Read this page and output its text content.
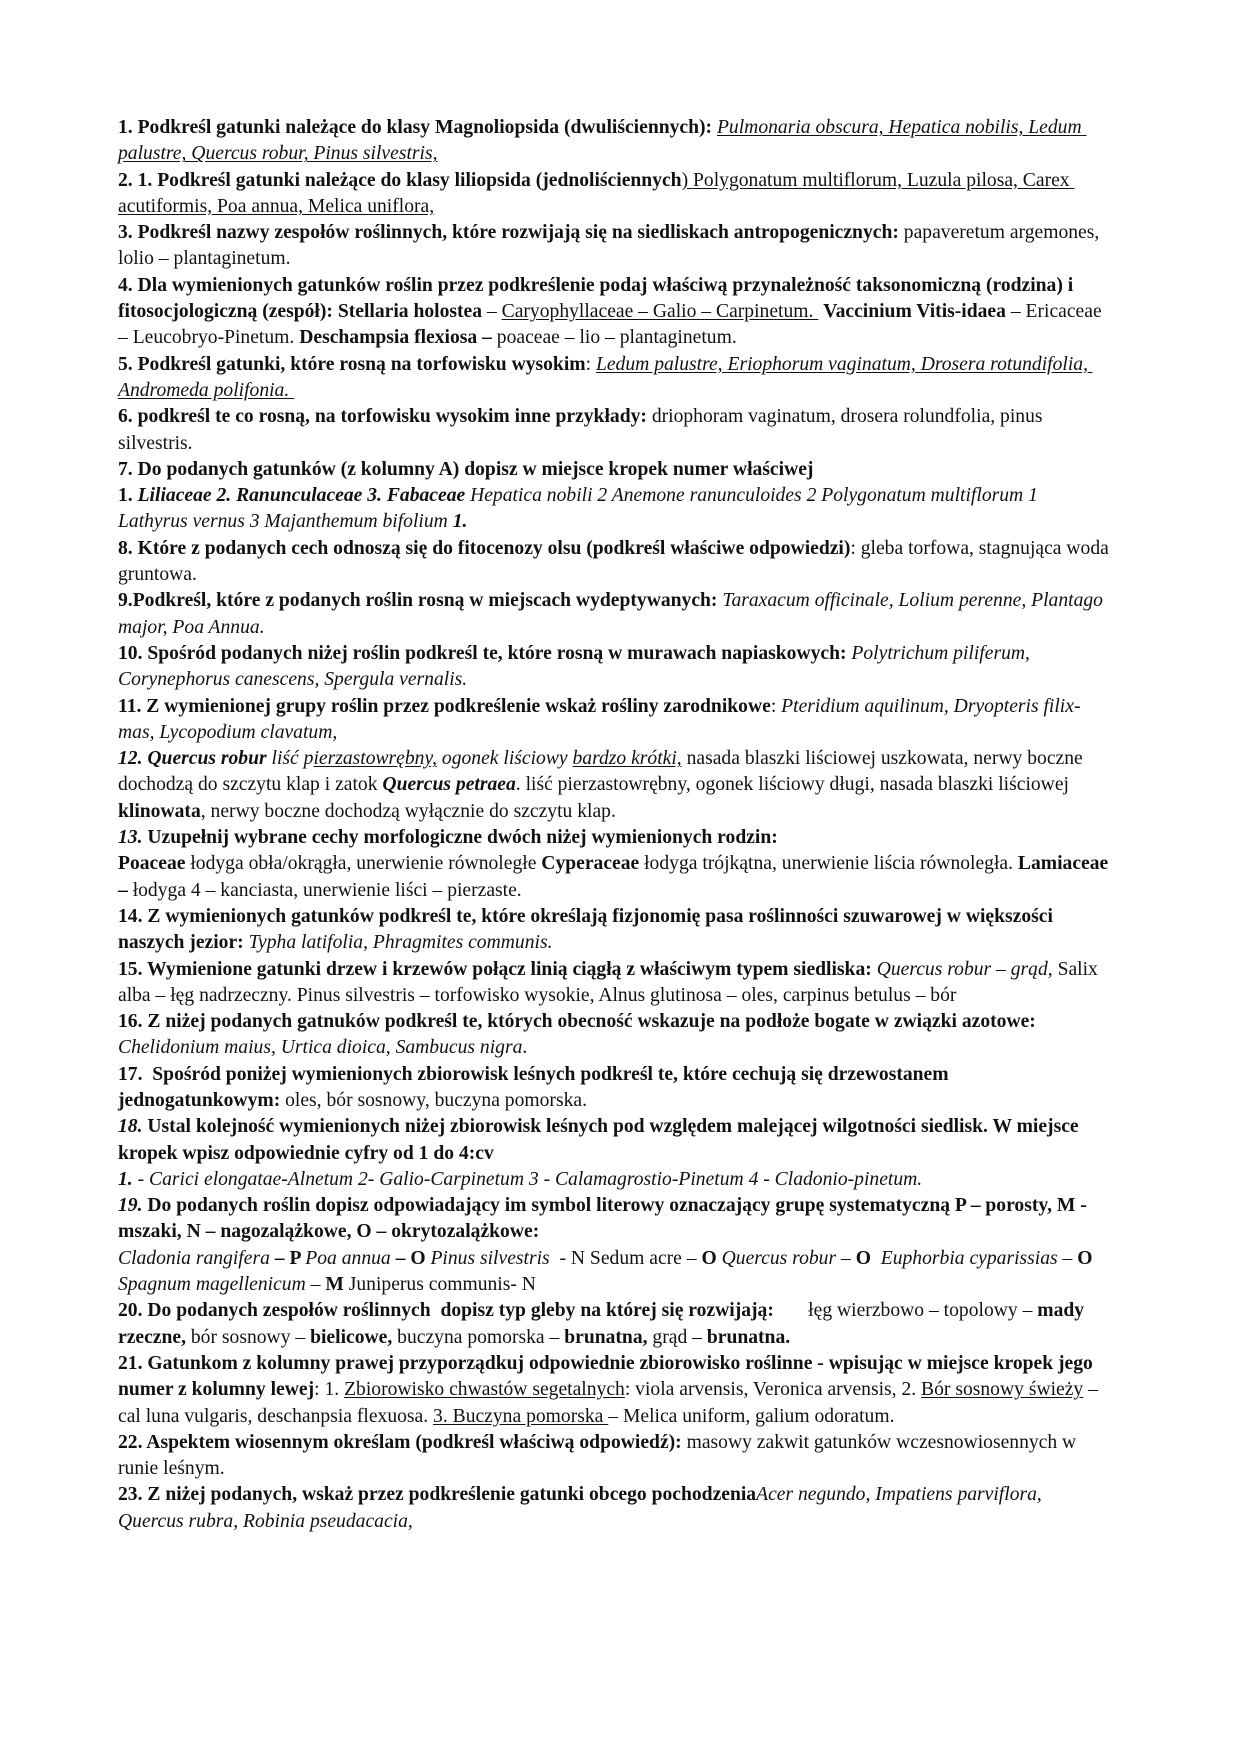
1. Podkreśl gatunki należące do klasy Magnoliopsida (dwuliściennych): Pulmonaria obscura, Hepatica nobilis, Ledum palustre, Quercus robur, Pinus silvestris,

2. 1. Podkreśl gatunki należące do klasy liliopsida (jednoliściennych) Polygonatum multiflorum, Luzula pilosa, Carex acutiformis, Poa annua, Melica uniflora,

3. Podkreśl nazwy zespołów roślinnych, które rozwijają się na siedliskach antropogenicznych: papaveretum argemones, lolio – plantaginetum.

4. Dla wymienionych gatunków roślin przez podkreślenie podaj właściwą przynależność taksonomiczną (rodzina) i fitosocjologiczną (zespół): Stellaria holostea – Caryophyllaceae – Galio – Carpinetum.  Vaccinium Vitis-idaea – Ericaceae – Leucobryo-Pinetum. Deschampsia flexiosa – poaceae – lio – plantaginetum.

5. Podkreśl gatunki, które rosną na torfowisku wysokim: Ledum palustre, Eriophorum vaginatum, Drosera rotundifolia, Andromeda polifonia.

6. podkreśl te co rosną, na torfowisku wysokim inne przykłady: driophoram vaginatum, drosera rolundfolia, pinus silvestris.

7. Do podanych gatunków (z kolumny A) dopisz w miejsce kropek numer właściwej

1. Liliaceae 2. Ranunculaceae 3. Fabaceae Hepatica nobili 2 Anemone ranunculoides 2 Polygonatum multiflorum 1 Lathyrus vernus 3 Majanthemum bifolium 1.

8. Które z podanych cech odnoszą się do fitocenozy olsu (podkreśl właściwe odpowiedzi): gleba torfowa, stagnująca woda gruntowa.

9.Podkreśl, które z podanych roślin rosną w miejscach wydeptywanych: Taraxacum officinale, Lolium perenne, Plantago major, Poa Annua.

10. Spośród podanych niżej roślin podkreśl te, które rosną w murawach napiaskowych: Polytrichum piliferum, Corynephorus canescens, Spergula vernalis.

11. Z wymienionej grupy roślin przez podkreślenie wskaż rośliny zarodnikowe: Pteridium aquilinum, Dryopteris filix-mas, Lycopodium clavatum,

12. Quercus robur liść pierzastowrębny, ogonek liściowy bardzo krótki, nasada blaszki liściowej uszkowata, nerwy boczne dochodzą do szczytu klap i zatok Quercus petraea. liść pierzastowrębny, ogonek liściowy długi, nasada blaszki liściowej klinowata, nerwy boczne dochodzą wyłącznie do szczytu klap.

13. Uzupełnij wybrane cechy morfologiczne dwóch niżej wymienionych rodzin:

Poaceae łodyga obła/okrągła, unerwienie równoległe Cyperaceae łodyga trójkątna, unerwienie liścia równoległa. Lamiaceae – łodyga 4 – kanciasta, unerwienie liści – pierzaste.

14. Z wymienionych gatunków podkreśl te, które określają fizjonomię pasa roślinności szuwarowej w większości naszych jezior: Typha latifolia, Phragmites communis.

15. Wymienione gatunki drzew i krzewów połącz linią ciągłą z właściwym typem siedliska: Quercus robur – grąd, Salix alba – łęg nadrzeczny. Pinus silvestris – torfowisko wysokie, Alnus glutinosa – oles, carpinus betulus – bór

16. Z niżej podanych gatnuków podkreśl te, których obecność wskazuje na podłoże bogate w związki azotowe: Chelidonium maius, Urtica dioica, Sambucus nigra.

17.  Spośród poniżej wymienionych zbiorowisk leśnych podkreśl te, które cechują się drzewostanem jednogatunkowym: oles, bór sosnowy, buczyna pomorska.

18. Ustal kolejność wymienionych niżej zbiorowisk leśnych pod względem malejącej wilgotności siedlisk. W miejsce kropek wpisz odpowiednie cyfry od 1 do 4:cv

1. - Carici elongatae-Alnetum 2- Galio-Carpinetum 3 - Calamagrostio-Pinetum 4 - Cladonio-pinetum.

19. Do podanych roślin dopisz odpowiadający im symbol literowy oznaczający grupę systematyczną P – porosty, M -mszaki, N – nagozalążkowe, O – okrytozalążkowe:

Cladonia rangifera – P Poa annua – O Pinus silvestris  - N Sedum acre – O Quercus robur – O Euphorbia cyparissias – O Spagnum magellenicum – M Juniperus communis- N

20. Do podanych zespołów roślinnych  dopisz typ gleby na której się rozwijają:       łęg wierzbowo – topolowy – mady rzeczne, bór sosnowy – bielicowe, buczyna pomorska – brunatna, grąd – brunatna.

21. Gatunkom z kolumny prawej przyporządkuj odpowiednie zbiorowisko roślinne - wpisując w miejsce kropek jego numer z kolumny lewej: 1. Zbiorowisko chwastów segetalnych: viola arvensis, Veronica arvensis, 2. Bór sosnowy świeży – cal luna vulgaris, deschanpsia flexuosa. 3. Buczyna pomorska – Melica uniform, galium odoratum.

22. Aspektem wiosennym określam (podkreśl właściwą odpowiedź): masowy zakwit gatunków wczesnowiosennych w runie leśnym.

23. Z niżej podanych, wskaż przez podkreślenie gatunki obcego pochodzeniaAcer negundo, Impatiens parviflora, Quercus rubra, Robinia pseudacacia,
